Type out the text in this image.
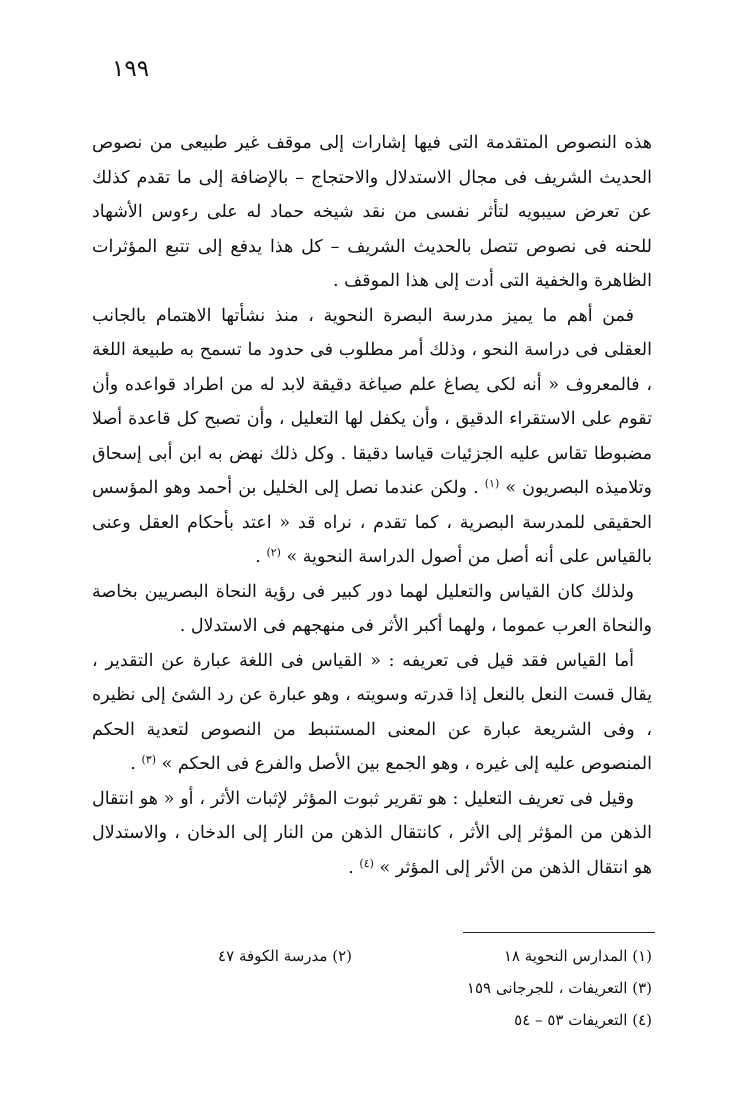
١٩٩

هذه النصوص المتقدمة التى فيها إشارات إلى موقف غير طبيعى من نصوص الحديث الشريف فى مجال الاستدلال والاحتجاج – بالإضافة إلى ما تقدم كذلك عن تعرض سيبويه لتأثر نفسى من نقد شيخه حماد له على رءوس الأشهاد للحنه فى نصوص تتصل بالحديث الشريف – كل هذا يدفع إلى تتبع المؤثرات الظاهرة والخفية التى أدت إلى هذا الموقف .

فمن أهم ما يميز مدرسة البصرة النحوية ، منذ نشأتها الاهتمام بالجانب العقلى فى دراسة النحو ، وذلك أمر مطلوب فى حدود ما تسمح به طبيعة اللغة ، فالمعروف « أنه لكى يصاغ علم صياغة دقيقة لابد له من اطراد قواعده وأن تقوم على الاستقراء الدقيق ، وأن يكفل لها التعليل ، وأن تصبح كل قاعدة أصلا مضبوطا تقاس عليه الجزئيات قياسا دقيقا . وكل ذلك نهض به ابن أبى إسحاق وتلاميذه البصريون » $^{(١)}$ . ولكن عندما نصل إلى الخليل بن أحمد وهو المؤسس الحقيقى للمدرسة البصرية ، كما تقدم ، نراه قد « اعتد بأحكام العقل وعنى بالقياس على أنه أصل من أصول الدراسة النحوية » $^{(٢)}$ .

ولذلك كان القياس والتعليل لهما دور كبير فى رؤية النحاة البصريين بخاصة والنحاة العرب عموما ، ولهما أكبر الأثر فى منهجهم فى الاستدلال .

أما القياس فقد قيل فى تعريفه : « القياس فى اللغة عبارة عن التقدير ، يقال قست النعل بالنعل إذا قدرته وسويته ، وهو عبارة عن رد الشئ إلى نظيره ، وفى الشريعة عبارة عن المعنى المستنبط من النصوص لتعدية الحكم المنصوص عليه إلى غيره ، وهو الجمع بين الأصل والفرع فى الحكم » $^{(٣)}$ .

وقيل فى تعريف التعليل : هو تقرير ثبوت المؤثر لإثبات الأثر ، أو « هو انتقال الذهن من المؤثر إلى الأثر ، كانتقال الذهن من النار إلى الدخان ، والاستدلال هو انتقال الذهن من الأثر إلى المؤثر » $^{(٤)}$ .

(١) المدارس النحوية ١٨
(٢) مدرسة الكوفة ٤٧
(٣) التعريفات ، للجرجانى ١٥٩
(٤) التعريفات ٥٣ – ٥٤
